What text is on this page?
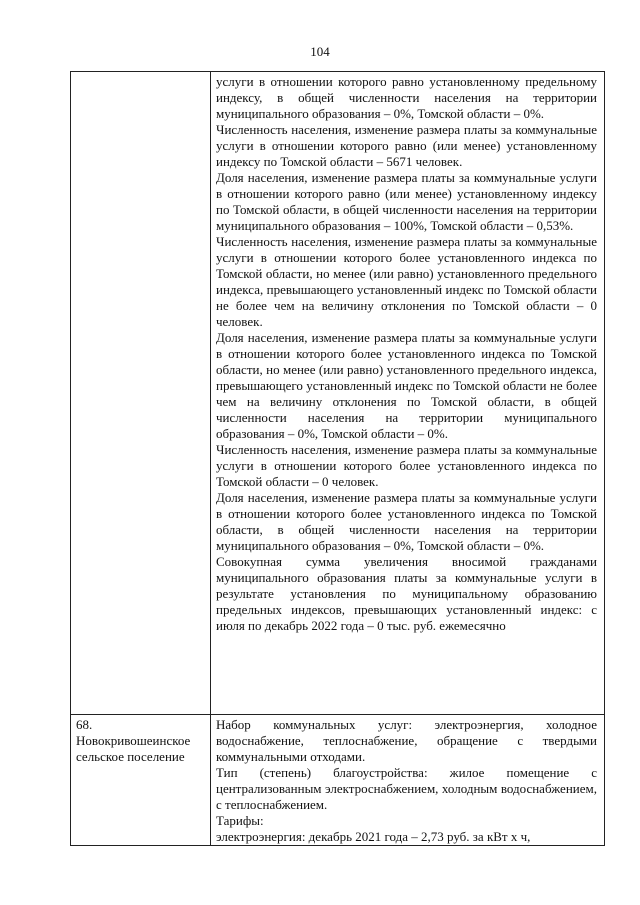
104

услуги в отношении которого равно установленному предельному индексу, в общей численности населения на территории муниципального образования – 0%, Томской области – 0%.

Численность населения, изменение размера платы за коммунальные услуги в отношении которого равно (или менее) установленному индексу по Томской области – 5671 человек.

Доля населения, изменение размера платы за коммунальные услуги в отношении которого равно (или менее) установленному индексу по Томской области, в общей численности населения на территории муниципального образования – 100%, Томской области – 0,53%.

Численность населения, изменение размера платы за коммунальные услуги в отношении которого более установленного индекса по Томской области, но менее (или равно) установленного предельного индекса, превышающего установленный индекс по Томской области не более чем на величину отклонения по Томской области – 0 человек.

Доля населения, изменение размера платы за коммунальные услуги в отношении которого более установленного индекса по Томской области, но менее (или равно) установленного предельного индекса, превышающего установленный индекс по Томской области не более чем на величину отклонения по Томской области, в общей численности населения на территории муниципального образования – 0%, Томской области – 0%.

Численность населения, изменение размера платы за коммунальные услуги в отношении которого более установленного индекса по Томской области – 0 человек.

Доля населения, изменение размера платы за коммунальные услуги в отношении которого более установленного индекса по Томской области, в общей численности населения на территории муниципального образования – 0%, Томской области – 0%.

Совокупная сумма увеличения вносимой гражданами муниципального образования платы за коммунальные услуги в результате установления по муниципальному образованию предельных индексов, превышающих установленный индекс: с июля по декабрь 2022 года – 0 тыс. руб. ежемесячно

68.

Новокривошеинское сельское поселение

Набор коммунальных услуг: электроэнергия, холодное водоснабжение, теплоснабжение, обращение с твердыми коммунальными отходами.

Тип (степень) благоустройства: жилое помещение с централизованным электроснабжением, холодным водоснабжением, с теплоснабжением.

Тарифы:

электроэнергия: декабрь 2021 года – 2,73 руб. за кВт х ч,
